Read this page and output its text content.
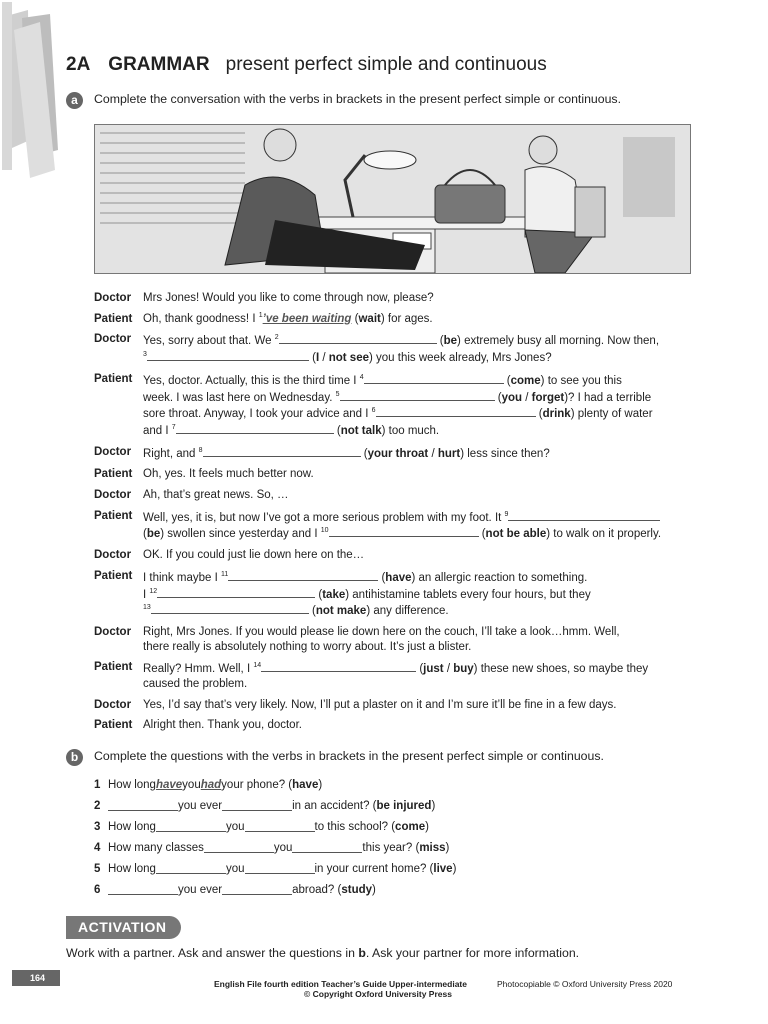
2A GRAMMAR present perfect simple and continuous
a	Complete the conversation with the verbs in brackets in the present perfect simple or continuous.
Doctor	Mrs Jones! Would you like to come through now, please?
Patient Oh, thank goodness! I $^1$’ve been waiting (wait) for ages.
Doctor	Yes, sorry about that. We $^2$	(be) extremely busy all morning. Now then,
$^3$	(I / not see) you this week already, Mrs Jones?
Patient Yes, doctor. Actually, this is the third time I $^4$	(come) to see you this
week. I was last here on Wednesday. $^5$	(you / forget)? I had a terrible
sore throat. Anyway, I took your advice and I $^6$	(drink) plenty of water
and I $^7$	(not talk) too much.
Doctor	Right, and $^8$	(your throat / hurt) less since then?
Patient Oh, yes. It feels much better now.
Doctor	Ah, that’s great news. So, …
Patient Well, yes, it is, but now I’ve got a more serious problem with my foot. It $^9$
(be) swollen since yesterday and I $^{10}$	(not be able) to walk on it properly.
Doctor	OK. If you could just lie down here on the…
Patient I think maybe I $^{11}$	(have) an allergic reaction to something.
I $^{12}$	(take) antihistamine tablets every four hours, but they
$^{13}$	(not make) any difference.
Doctor	Right, Mrs Jones. If you would please lie down here on the couch, I’ll take a look…hmm. Well,
there really is absolutely nothing to worry about. It’s just a blister.
Patient Really? Hmm. Well, I $^{14}$	(just / buy) these new shoes, so maybe they
caused the problem.
Doctor	Yes, I’d say that’s very likely. Now, I’ll put a plaster on it and I’m sure it’ll be fine in a few days.
Patient Alright then. Thank you, doctor.
b	Complete the questions with the verbs in brackets in the present perfect simple or continuous.
1 How long have you had your phone? ( have )
2	you ever	in an accident? ( be injured )
3 How long	you	to this school? ( come )
4 How many classes	you	this year? ( miss )
5 How long	you	in your current home? ( live )
6	you ever	abroad? ( study )
ACTIVATION
Work with a partner. Ask and answer the questions in b. Ask your partner for more information.
164
English File fourth edition Teacher’s Guide Upper-intermediate	Photocopiable © Oxford University Press 2020
© Copyright Oxford University Press
